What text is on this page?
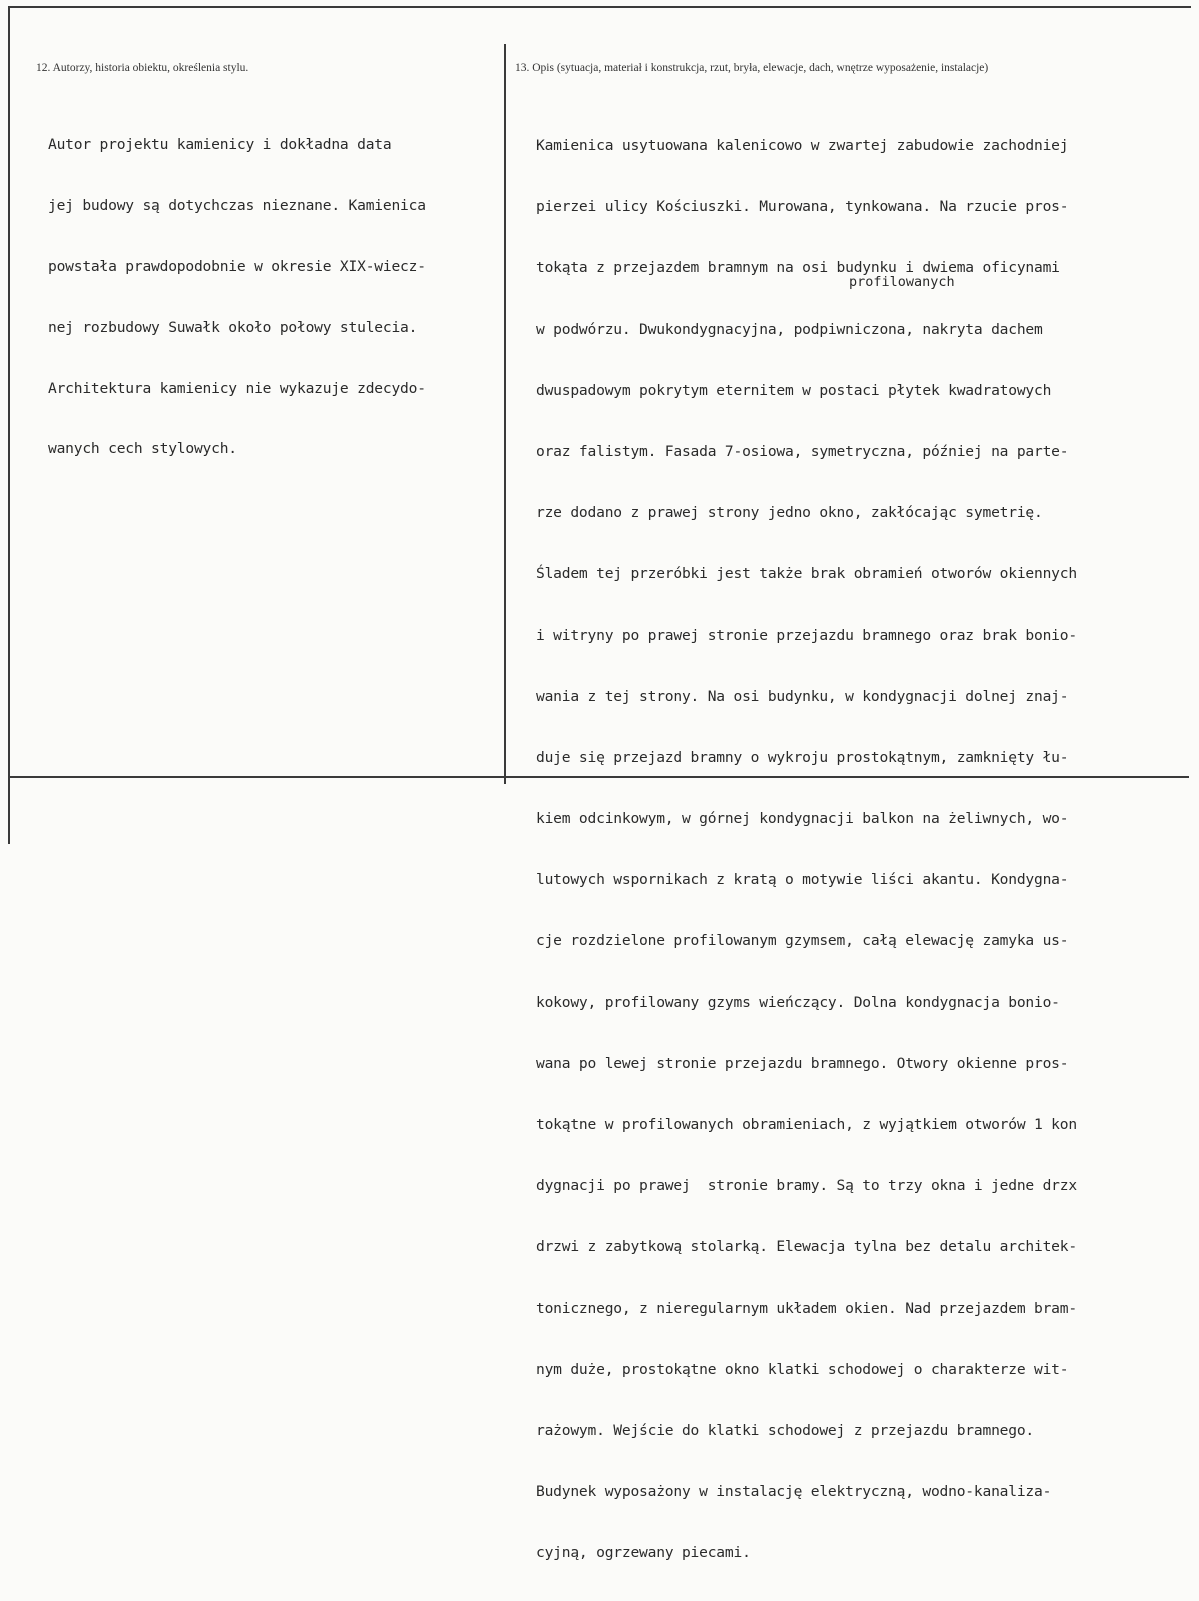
12. Autorzy, historia obiektu, określenia stylu.	13. Opis (sytuacja, materiał i konstrukcja, rzut, bryła, elewacje, dach, wnętrze wyposażenie, instalacje)

Autor projektu kamienicy i dokładna data

jej budowy są dotychczas nieznane. Kamienica

powstała prawdopodobnie w okresie XIX-wiecz-

nej rozbudowy Suwałk około połowy stulecia.

Architektura kamienicy nie wykazuje zdecydo-

wanych cech stylowych.

profilowanych

Kamienica usytuowana kalenicowo w zwartej zabudowie zachodniej

pierzei ulicy Kościuszki. Murowana, tynkowana. Na rzucie pros-

tokąta z przejazdem bramnym na osi budynku i dwiema oficynami

w podwórzu. Dwukondygnacyjna, podpiwniczona, nakryta dachem

dwuspadowym pokrytym eternitem w postaci płytek kwadratowych

oraz falistym. Fasada 7-osiowa, symetryczna, później na parte-

rze dodano z prawej strony jedno okno, zakłócając symetrię.

Śladem tej przeróbki jest także brak obramień otworów okiennych

i witryny po prawej stronie przejazdu bramnego oraz brak bonio-

wania z tej strony. Na osi budynku, w kondygnacji dolnej znaj-

duje się przejazd bramny o wykroju prostokątnym, zamknięty łu-

kiem odcinkowym, w górnej kondygnacji balkon na żeliwnych, wo-

lutowych wspornikach z kratą o motywie liści akantu. Kondygna-

cje rozdzielone profilowanym gzymsem, całą elewację zamyka us-

kokowy, profilowany gzyms wieńczący. Dolna kondygnacja bonio-

wana po lewej stronie przejazdu bramnego. Otwory okienne pros-

tokątne w profilowanych obramieniach, z wyjątkiem otworów 1 kon

dygnacji po prawej  stronie bramy. Są to trzy okna i jedne drzx

drzwi z zabytkową stolarką. Elewacja tylna bez detalu architek-

tonicznego, z nieregularnym układem okien. Nad przejazdem bram-

nym duże, prostokątne okno klatki schodowej o charakterze wit-

rażowym. Wejście do klatki schodowej z przejazdu bramnego.

Budynek wyposażony w instalację elektryczną, wodno-kanaliza-

cyjną, ogrzewany piecami.
